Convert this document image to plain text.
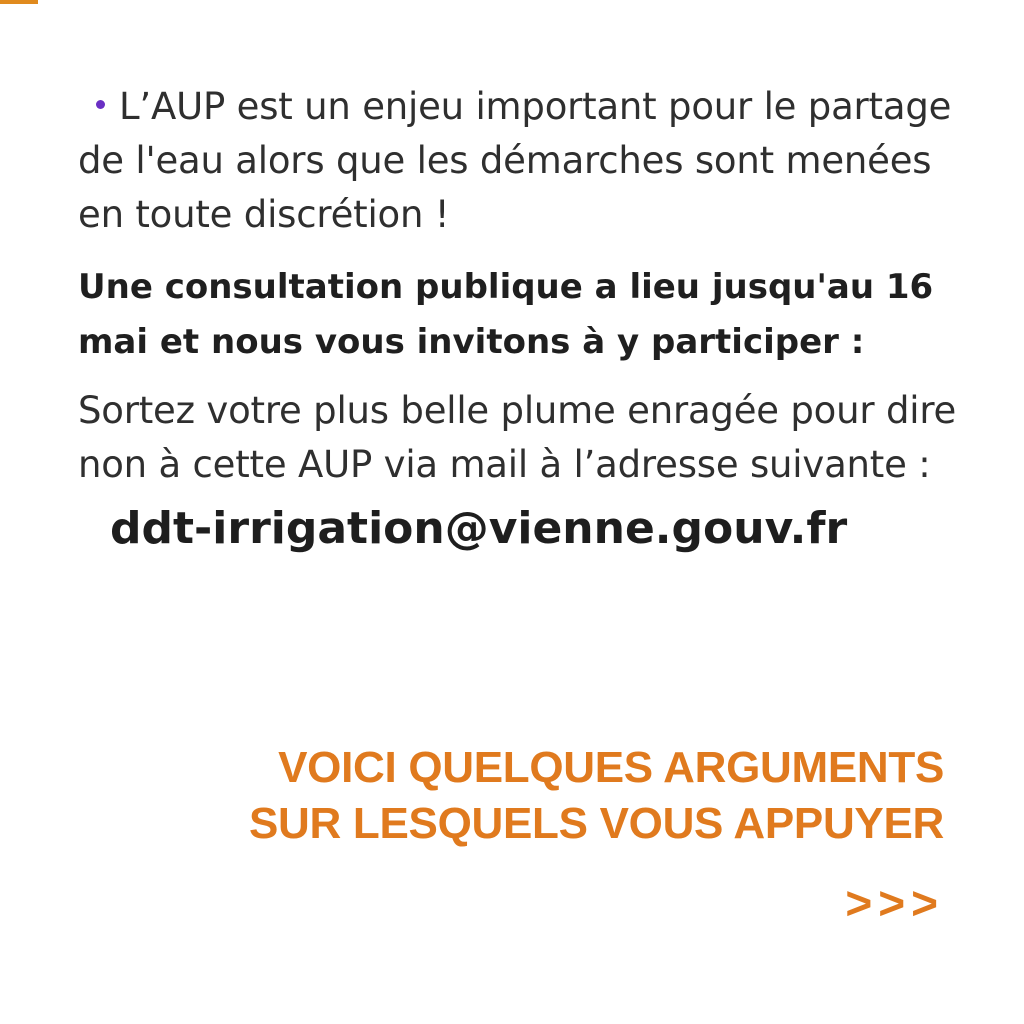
L’AUP est un enjeu important pour le partage de l'eau alors que les démarches sont menées en toute discrétion !

Une consultation publique a lieu jusqu'au 16 mai et nous vous invitons à y participer :

Sortez votre plus belle plume enragée pour dire non à cette AUP via mail à l’adresse suivante :

ddt-irrigation@vienne.gouv.fr
VOICI QUELQUES ARGUMENTS
SUR LESQUELS VOUS APPUYER
>>>
